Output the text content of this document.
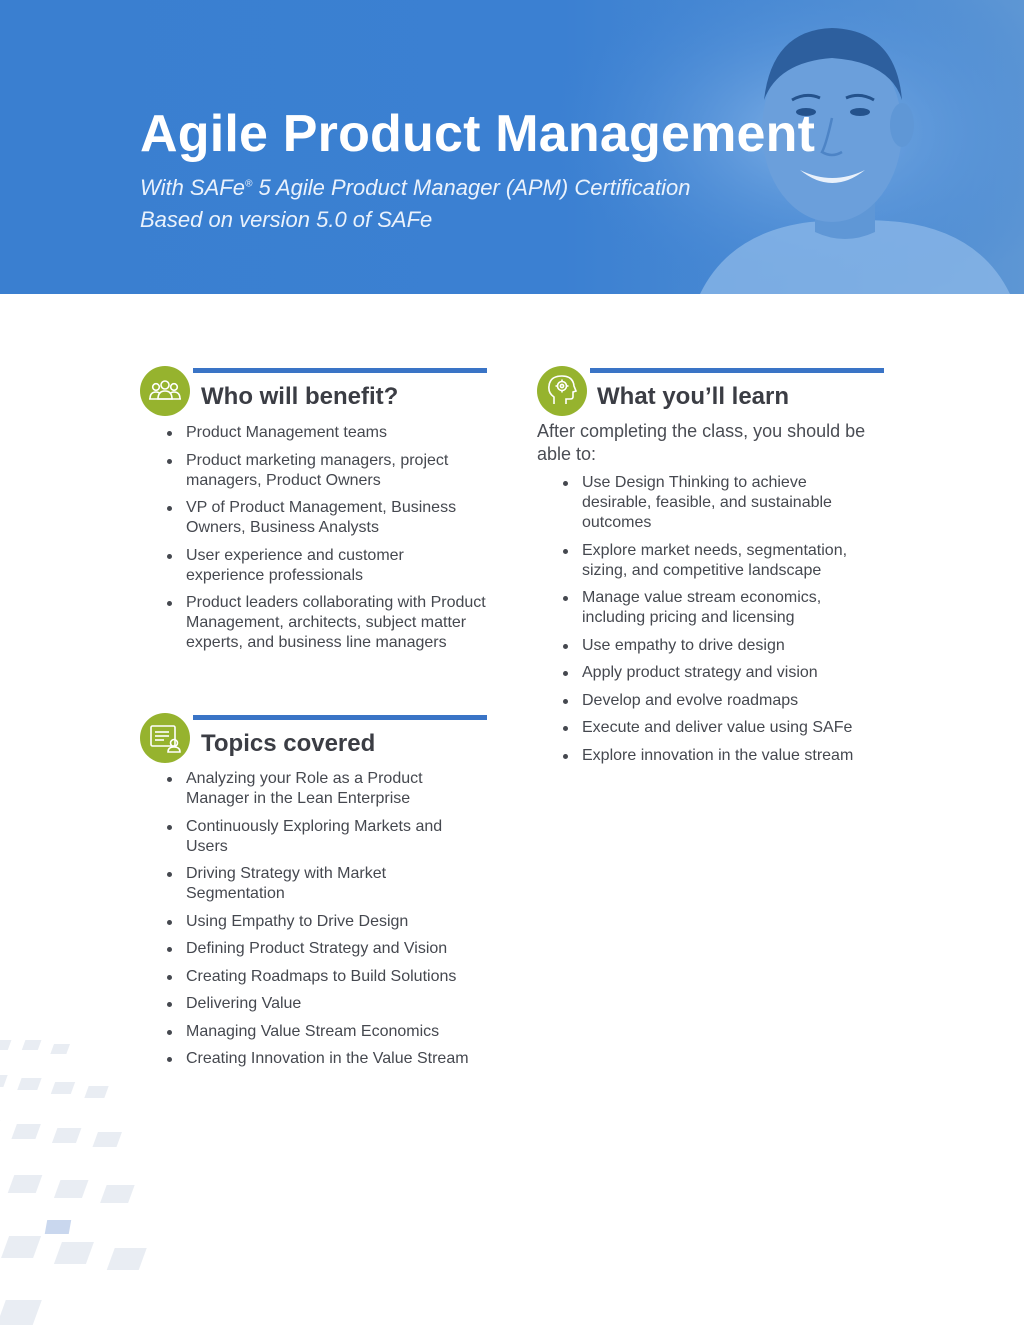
Agile Product Management

With SAFe® 5 Agile Product Manager (APM) Certification

Based on version 5.0 of SAFe

Who will benefit?
Product Management teams
Product marketing managers, project managers, Product Owners
VP of Product Management, Business Owners, Business Analysts
User experience and customer experience professionals
Product leaders collaborating with Product Management, architects, subject matter experts, and business line managers
Topics covered
Analyzing your Role as a Product Manager in the Lean Enterprise
Continuously Exploring Markets and Users
Driving Strategy with Market Segmentation
Using Empathy to Drive Design
Defining Product Strategy and Vision
Creating Roadmaps to Build Solutions
Delivering Value
Managing Value Stream Economics
Creating Innovation in the Value Stream
What you’ll learn

After completing the class, you should be able to:

Use Design Thinking to achieve desirable, feasible, and sustainable outcomes
Explore market needs, segmentation, sizing, and competitive landscape
Manage value stream economics, including pricing and licensing
Use empathy to drive design
Apply product strategy and vision
Develop and evolve roadmaps
Execute and deliver value using SAFe
Explore innovation in the value stream
